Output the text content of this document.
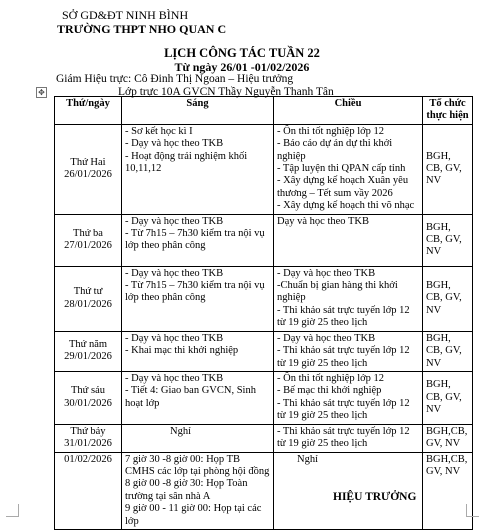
SỞ GD&ĐT NINH BÌNH
TRƯỜNG THPT NHO QUAN C
LỊCH CÔNG TÁC TUẦN 22
Từ ngày 26/01 -01/02/2026
Giám Hiệu trực: Cô Đinh Thị Ngoan – Hiệu trưởng
✥	Lớp trực 10A GVCN Thầy Nguyễn Thanh Tân
Thứ/ngày	Sáng	Chiều	Tổ chức thực hiện

Thứ Hai
26/01/2026	- Sơ kết học kì I
- Dạy và học theo TKB
- Hoạt động trải nghiệm khối 10,11,12	- Ôn thi tốt nghiệp lớp 12
- Báo cáo dự án dự thi khởi nghiệp
- Tập luyện thi QPAN cấp tỉnh
- Xây dựng kế hoạch Xuân yêu thương – Tết sum vầy 2026
- Xây dựng kế hoạch thi võ nhạc	BGH, CB, GV, NV

Thứ ba
27/01/2026	- Dạy và học theo TKB
- Từ 7h15 – 7h30 kiểm tra nội vụ lớp theo phân công	Dạy và học theo TKB	BGH, CB, GV, NV

Thứ tư
28/01/2026	- Dạy và học theo TKB
- Từ 7h15 – 7h30 kiểm tra nội vụ lớp theo phân công	- Dạy và học theo TKB
-Chuẩn bị gian hàng thi khởi nghiệp
- Thi khảo sát trực tuyến lớp 12 từ 19 giờ 25 theo lịch	BGH, CB, GV, NV

Thứ năm
29/01/2026	- Dạy và học theo TKB
- Khai mạc thi khởi nghiệp	- Dạy và học theo TKB
- Thi khảo sát trực tuyến lớp 12 từ 19 giờ 25 theo lịch	BGH, CB, GV, NV

Thứ sáu
30/01/2026	- Dạy và học theo TKB
- Tiết 4: Giao ban GVCN, Sinh hoạt lớp	- Ôn thi tốt nghiệp lớp 12
- Bế mạc thi khởi nghiệp
- Thi khảo sát trực tuyến lớp 12 từ 19 giờ 25 theo lịch	BGH, CB, GV, NV

Thứ bảy
31/01/2026	Nghỉ	- Thi khảo sát trực tuyến lớp 12 từ 19 giờ 25 theo lịch	BGH,CB, GV, NV

01/02/2026	7 giờ 30 -8 giờ 00: Họp TB CMHS các lớp tại phòng hội đồng
8 giờ 00 -8 giờ 30: Họp Toàn trường tại sân nhà A
9 giờ 00 - 11 giờ 00: Họp tại các lớp	Nghỉ	BGH,CB, GV, NV
HIỆU TRƯỞNG
